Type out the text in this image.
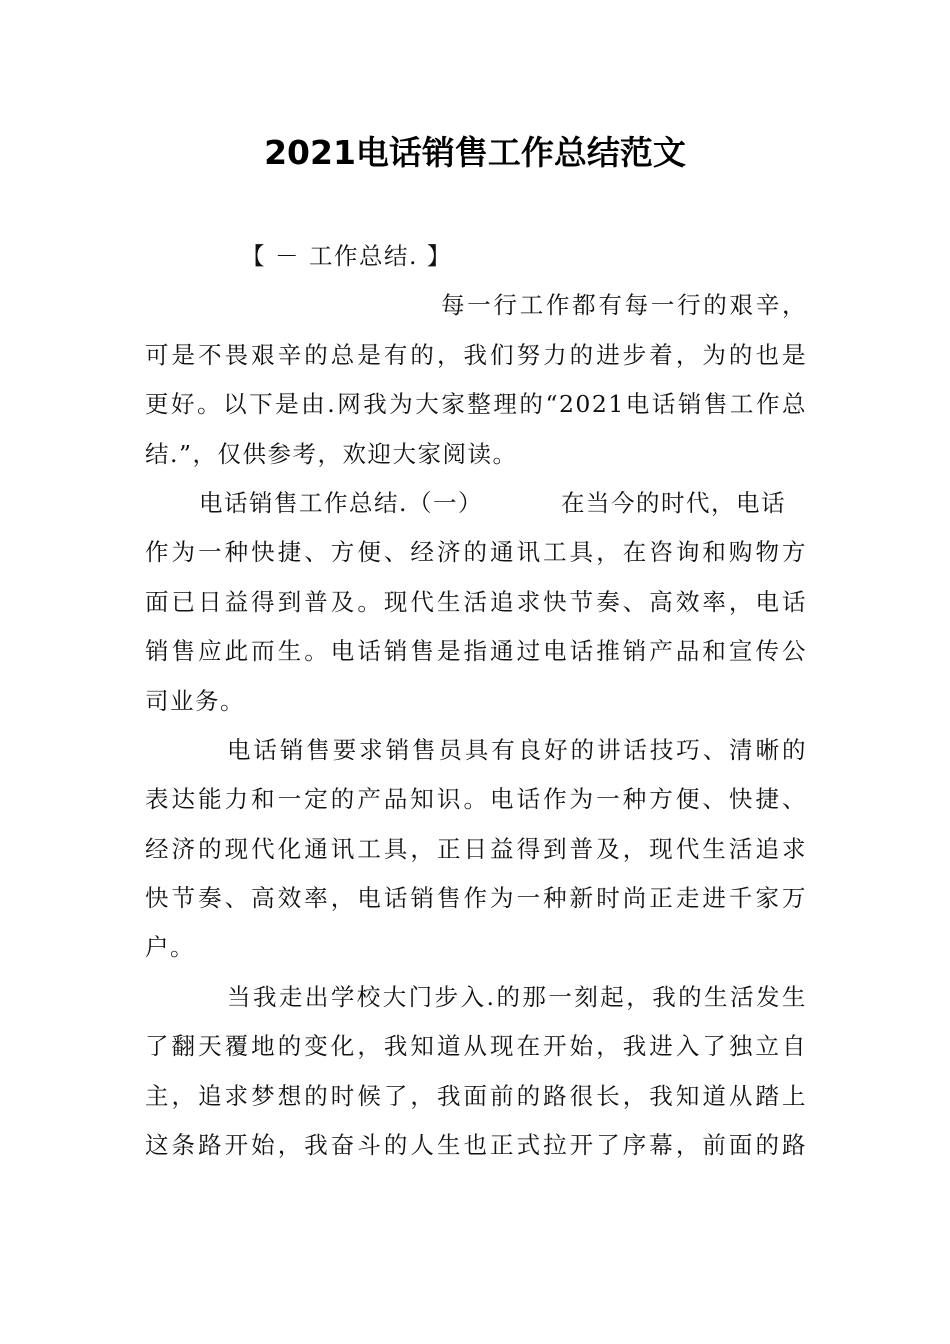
2021电话销售工作总结范文
【 － 工作总结. 】
每一行工作都有每一行的艰辛，
可是不畏艰辛的总是有的，我们努力的进步着，为的也是
更好。以下是由.网我为大家整理的“2021电话销售工作总
结.”，仅供参考，欢迎大家阅读。
电话销售工作总结.（一）	在当今的时代，电话
作为一种快捷、方便、经济的通讯工具，在咨询和购物方
面已日益得到普及。现代生活追求快节奏、高效率，电话
销售应此而生。电话销售是指通过电话推销产品和宣传公
司业务。
电话销售要求销售员具有良好的讲话技巧、清晰的
表达能力和一定的产品知识。电话作为一种方便、快捷、
经济的现代化通讯工具，正日益得到普及，现代生活追求
快节奏、高效率，电话销售作为一种新时尚正走进千家万
户。
当我走出学校大门步入.的那一刻起，我的生活发生
了翻天覆地的变化，我知道从现在开始，我进入了独立自
主，追求梦想的时候了，我面前的路很长，我知道从踏上
这条路开始，我奋斗的人生也正式拉开了序幕，前面的路
